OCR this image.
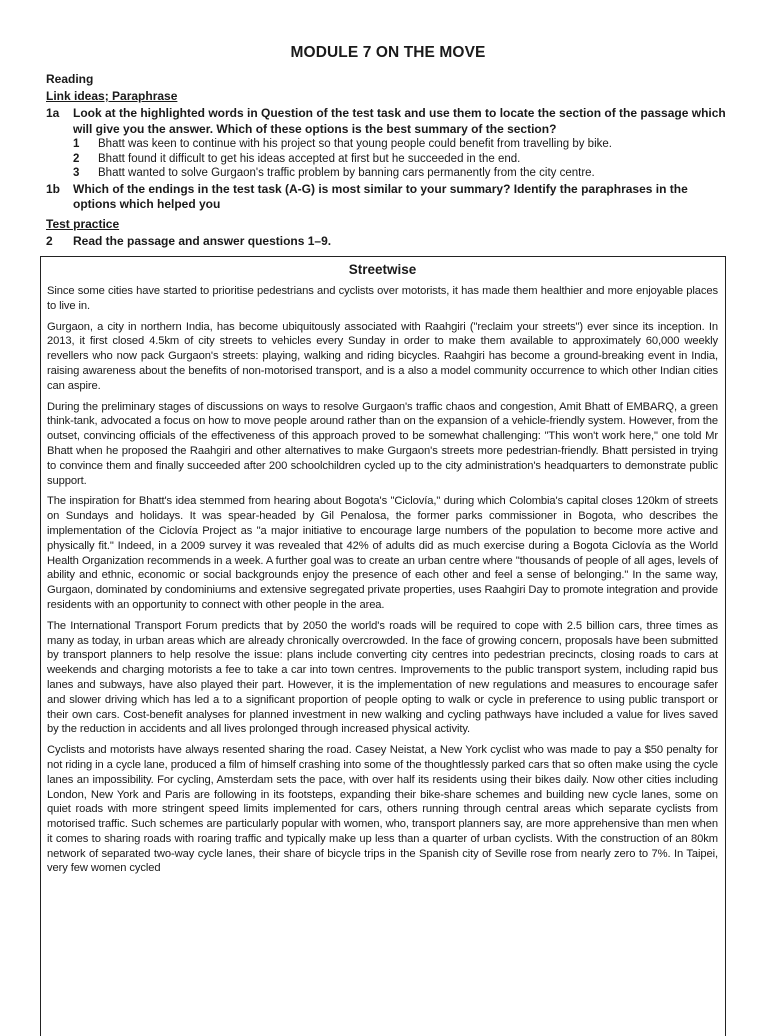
MODULE 7 ON THE MOVE
Reading
Link ideas; Paraphrase
1a	Look at the highlighted words in Question of the test task and use them to locate the section of the passage which will give you the answer. Which of these options is the best summary of the section?
1	Bhatt was keen to continue with his project so that young people could benefit from travelling by bike.
2	Bhatt found it difficult to get his ideas accepted at first but he succeeded in the end.
3	Bhatt wanted to solve Gurgaon's traffic problem by banning cars permanently from the city centre.
1b	Which of the endings in the test task (A-G) is most similar to your summary? Identify the paraphrases in the options which helped you
Test practice
2	Read the passage and answer questions 1–9.
Streetwise

Since some cities have started to prioritise pedestrians and cyclists over motorists, it has made them healthier and more enjoyable places to live in.

Gurgaon, a city in northern India, has become ubiquitously associated with Raahgiri ("reclaim your streets") ever since its inception. In 2013, it first closed 4.5km of city streets to vehicles every Sunday in order to make them available to approximately 60,000 weekly revellers who now pack Gurgaon's streets: playing, walking and riding bicycles. Raahgiri has become a ground-breaking event in India, raising awareness about the benefits of non-motorised transport, and is a also a model community occurrence to which other Indian cities can aspire.

During the preliminary stages of discussions on ways to resolve Gurgaon's traffic chaos and congestion, Amit Bhatt of EMBARQ, a green think-tank, advocated a focus on how to move people around rather than on the expansion of a vehicle-friendly system. However, from the outset, convincing officials of the effectiveness of this approach proved to be somewhat challenging: "This won't work here," one told Mr Bhatt when he proposed the Raahgiri and other alternatives to make Gurgaon's streets more pedestrian-friendly. Bhatt persisted in trying to convince them and finally succeeded after 200 schoolchildren cycled up to the city administration's headquarters to demonstrate public support.

The inspiration for Bhatt's idea stemmed from hearing about Bogota's "Ciclovía," during which Colombia's capital closes 120km of streets on Sundays and holidays. It was spear-headed by Gil Penalosa, the former parks commissioner in Bogota, who describes the implementation of the Ciclovía Project as "a major initiative to encourage large numbers of the population to become more active and physically fit." Indeed, in a 2009 survey it was revealed that 42% of adults did as much exercise during a Bogota Ciclovía as the World Health Organization recommends in a week. A further goal was to create an urban centre where "thousands of people of all ages, levels of ability and ethnic, economic or social backgrounds enjoy the presence of each other and feel a sense of belonging." In the same way, Gurgaon, dominated by condominiums and extensive segregated private properties, uses Raahgiri Day to promote integration and provide residents with an opportunity to connect with other people in the area.

The International Transport Forum predicts that by 2050 the world's roads will be required to cope with 2.5 billion cars, three times as many as today, in urban areas which are already chronically overcrowded. In the face of growing concern, proposals have been submitted by transport planners to help resolve the issue: plans include converting city centres into pedestrian precincts, closing roads to cars at weekends and charging motorists a fee to take a car into town centres. Improvements to the public transport system, including rapid bus lanes and subways, have also played their part. However, it is the implementation of new regulations and measures to encourage safer and slower driving which has led a to a significant proportion of people opting to walk or cycle in preference to using public transport or their own cars. Cost-benefit analyses for planned investment in new walking and cycling pathways have included a value for lives saved by the reduction in accidents and all lives prolonged through increased physical activity.

Cyclists and motorists have always resented sharing the road. Casey Neistat, a New York cyclist who was made to pay a $50 penalty for not riding in a cycle lane, produced a film of himself crashing into some of the thoughtlessly parked cars that so often make using the cycle lanes an impossibility. For cycling, Amsterdam sets the pace, with over half its residents using their bikes daily. Now other cities including London, New York and Paris are following in its footsteps, expanding their bike-share schemes and building new cycle lanes, some on quiet roads with more stringent speed limits implemented for cars, others running through central areas which separate cyclists from motorised traffic. Such schemes are particularly popular with women, who, transport planners say, are more apprehensive than men when it comes to sharing roads with roaring traffic and typically make up less than a quarter of urban cyclists. With the construction of an 80km network of separated two-way cycle lanes, their share of bicycle trips in the Spanish city of Seville rose from nearly zero to 7%. In Taipei, very few women cycled
